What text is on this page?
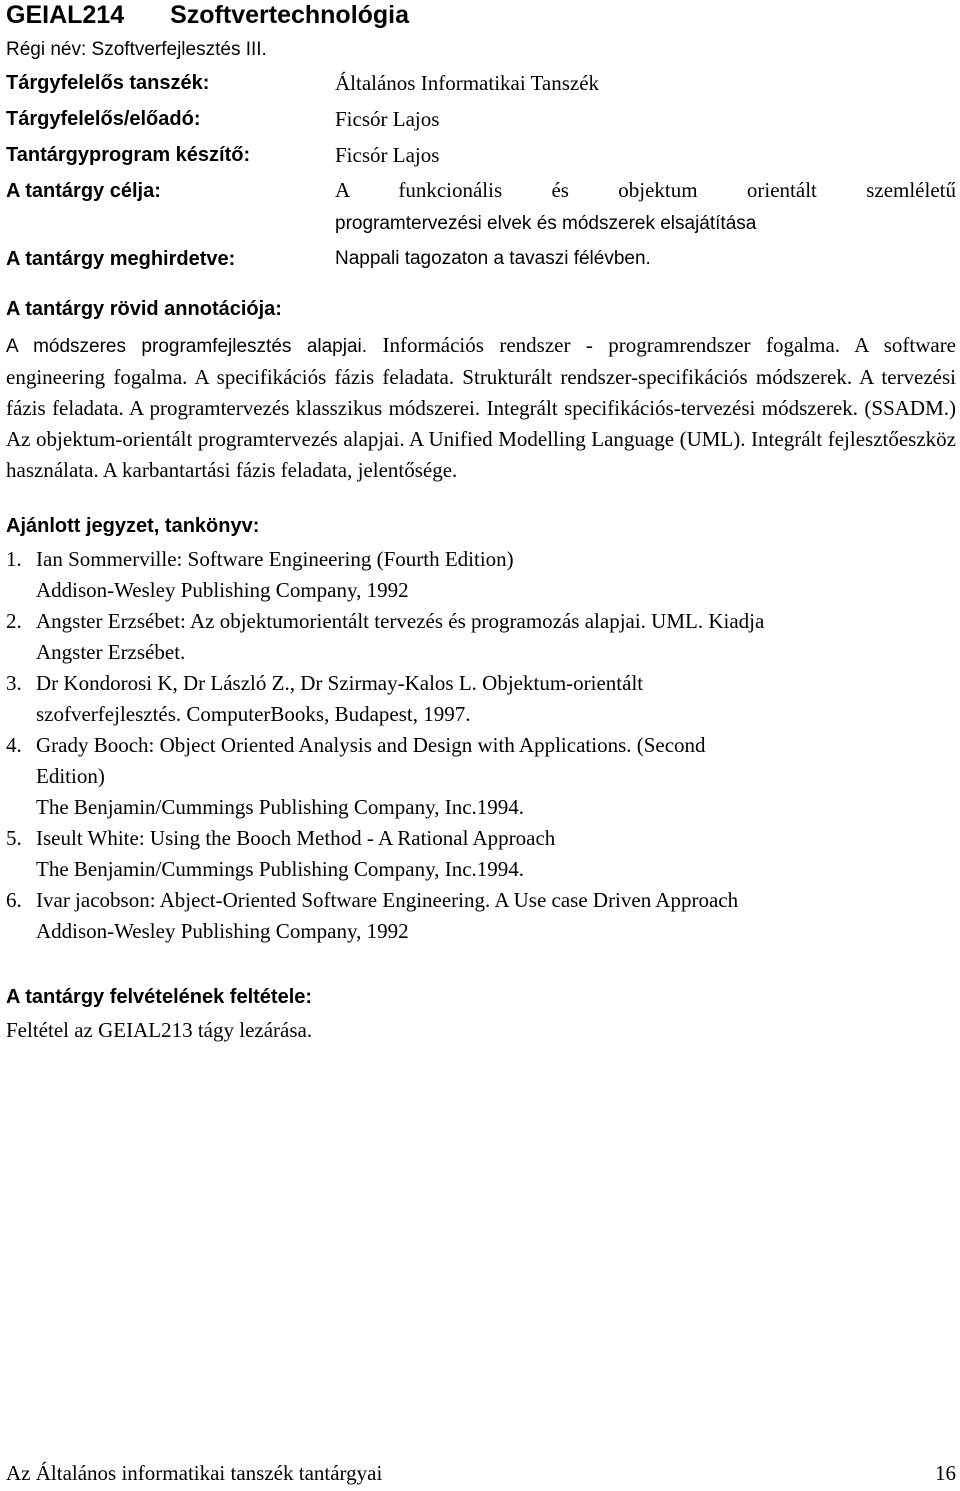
GEIAL214 Szoftvertechnológia
Régi név: Szoftverfejlesztés III.
Tárgyfelelős tanszék:	Általános Informatikai Tanszék
Tárgyfelelős/előadó:	Ficsór Lajos
Tantárgyprogram készítő:	Ficsór Lajos
A tantárgy célja:	A funkcionális és objektum orientált szemléletű
programtervezési elvek és módszerek elsajátítása
A tantárgy meghirdetve:	Nappali tagozaton a tavaszi félévben.
A tantárgy rövid annotációja:

A módszeres programfejlesztés alapjai. Információs rendszer - programrendszer fogalma. A software engineering fogalma. A specifikációs fázis feladata. Strukturált rendszer-specifikációs módszerek. A tervezési fázis feladata. A programtervezés klasszikus módszerei. Integrált specifikációs-tervezési módszerek. (SSADM.) Az objektum-orientált programtervezés alapjai. A Unified Modelling Language (UML). Integrált fejlesztőeszköz használata. A karbantartási fázis feladata, jelentősége.

Ajánlott jegyzet, tankönyv:
1. Ian Sommerville: Software Engineering (Fourth Edition)
Addison-Wesley Publishing Company, 1992
2. Angster Erzsébet: Az objektumorientált tervezés és programozás alapjai. UML. Kiadja
Angster Erzsébet.
3. Dr Kondorosi K, Dr László Z., Dr Szirmay-Kalos L. Objektum-orientált
szofverfejlesztés. ComputerBooks, Budapest, 1997.
4. Grady Booch: Object Oriented Analysis and Design with Applications. (Second
Edition)
The Benjamin/Cummings Publishing Company, Inc.1994.
5. Iseult White: Using the Booch Method - A Rational Approach
The Benjamin/Cummings Publishing Company, Inc.1994.
6. Ivar jacobson: Abject-Oriented Software Engineering. A Use case Driven Approach
Addison-Wesley Publishing Company, 1992
A tantárgy felvételének feltétele:
Feltétel az GEIAL213 tágy lezárása.
Az Általános informatikai tanszék tantárgyai	16
